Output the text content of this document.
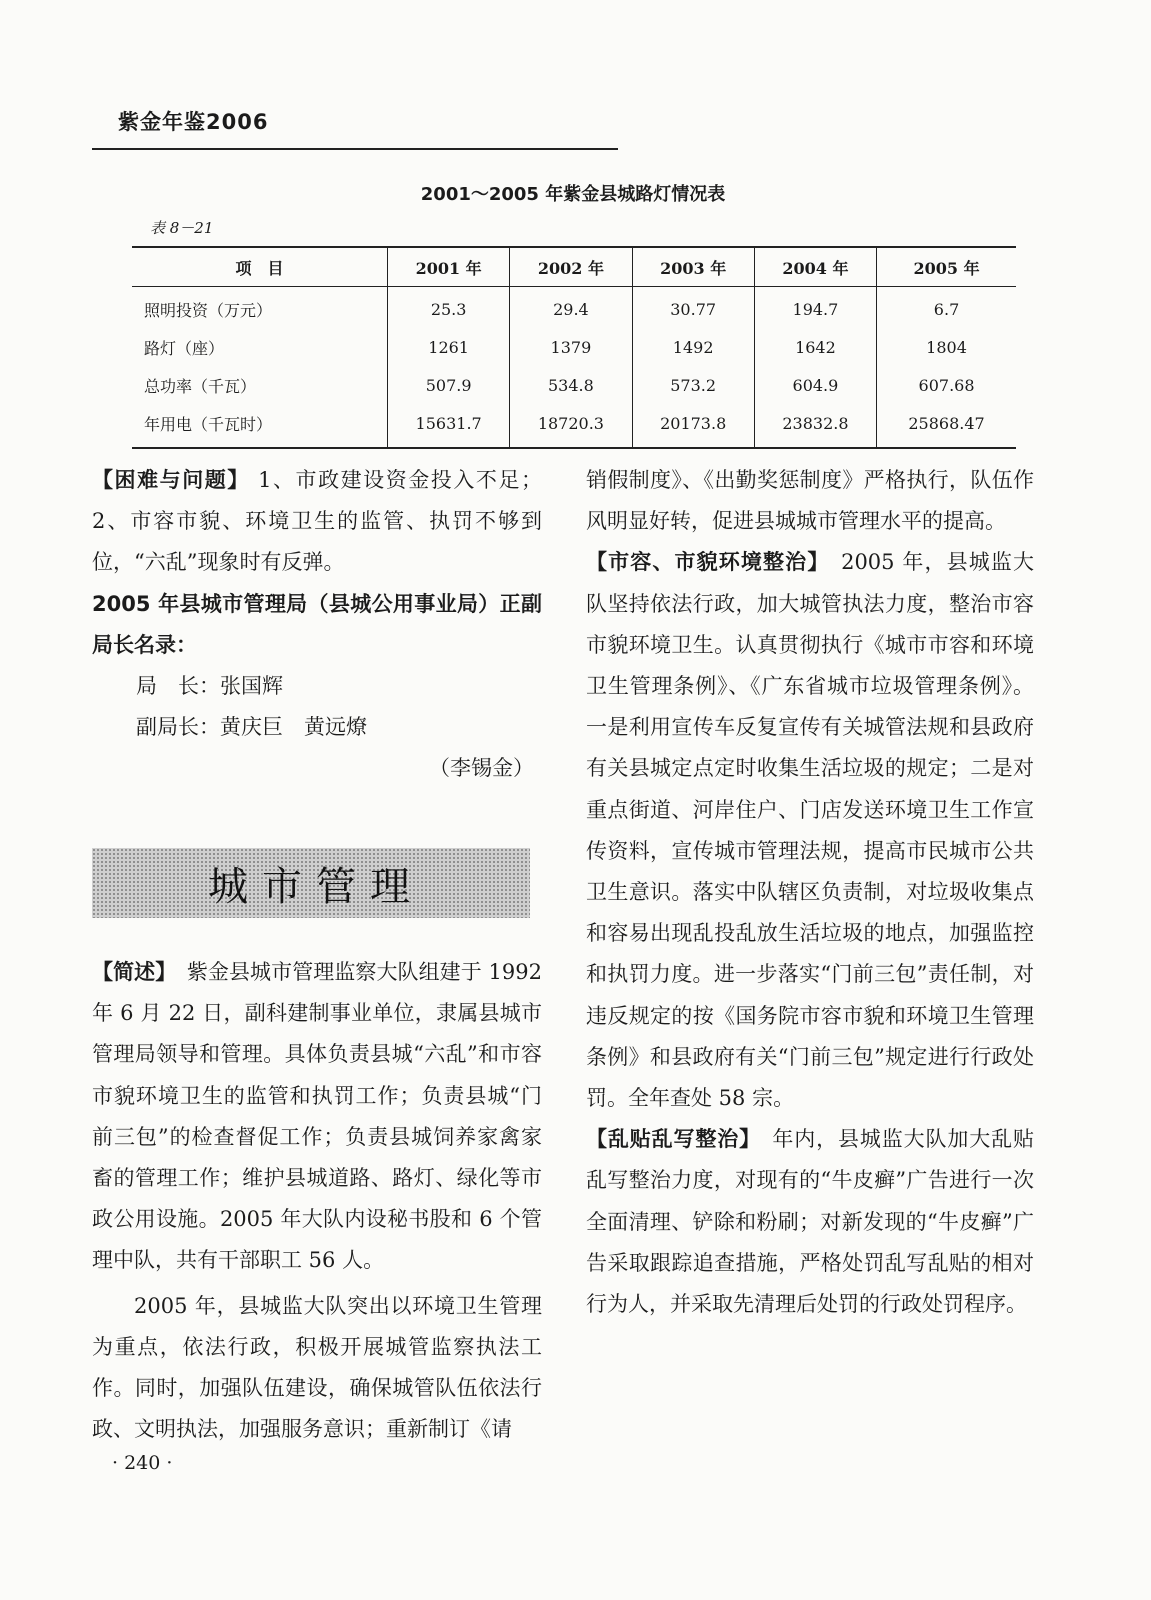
紫金年鉴2006
2001～2005 年紫金县城路灯情况表
表 8－21
项　目	2001 年	2002 年	2003 年	2004 年	2005 年
照明投资（万元）	25.3	29.4	30.77	194.7	6.7
路灯（座）	1261	1379	1492	1642	1804
总功率（千瓦）	507.9	534.8	573.2	604.9	607.68
年用电（千瓦时）	15631.7	18720.3	20173.8	23832.8	25868.47

【困难与问题】 1、市政建设资金投入不足；2、市容市貌、环境卫生的监管、执罚不够到位，“六乱”现象时有反弹。

2005 年县城市管理局（县城公用事业局）正副局长名录：

局　长：张国辉

副局长：黄庆巨　黄远燎

（李锡金）

城市管理

【简述】　紫金县城市管理监察大队组建于 1992 年 6 月 22 日，副科建制事业单位，隶属县城市管理局领导和管理。具体负责县城“六乱”和市容市貌环境卫生的监管和执罚工作；负责县城“门前三包”的检查督促工作；负责县城饲养家禽家畜的管理工作；维护县城道路、路灯、绿化等市政公用设施。2005 年大队内设秘书股和 6 个管理中队，共有干部职工 56 人。

2005 年，县城监大队突出以环境卫生管理为重点，依法行政，积极开展城管监察执法工作。同时，加强队伍建设，确保城管队伍依法行政、文明执法，加强服务意识；重新制订《请

销假制度》、《出勤奖惩制度》严格执行，队伍作风明显好转，促进县城城市管理水平的提高。

【市容、市貌环境整治】　2005 年，县城监大队坚持依法行政，加大城管执法力度，整治市容市貌环境卫生。认真贯彻执行《城市市容和环境卫生管理条例》、《广东省城市垃圾管理条例》。一是利用宣传车反复宣传有关城管法规和县政府有关县城定点定时收集生活垃圾的规定；二是对重点街道、河岸住户、门店发送环境卫生工作宣传资料，宣传城市管理法规，提高市民城市公共卫生意识。落实中队辖区负责制，对垃圾收集点和容易出现乱投乱放生活垃圾的地点，加强监控和执罚力度。进一步落实“门前三包”责任制，对违反规定的按《国务院市容市貌和环境卫生管理条例》和县政府有关“门前三包”规定进行行政处罚。全年查处 58 宗。

【乱贴乱写整治】　年内，县城监大队加大乱贴乱写整治力度，对现有的“牛皮癣”广告进行一次全面清理、铲除和粉刷；对新发现的“牛皮癣”广告采取跟踪追查措施，严格处罚乱写乱贴的相对行为人，并采取先清理后处罚的行政处罚程序。

· 240 ·
